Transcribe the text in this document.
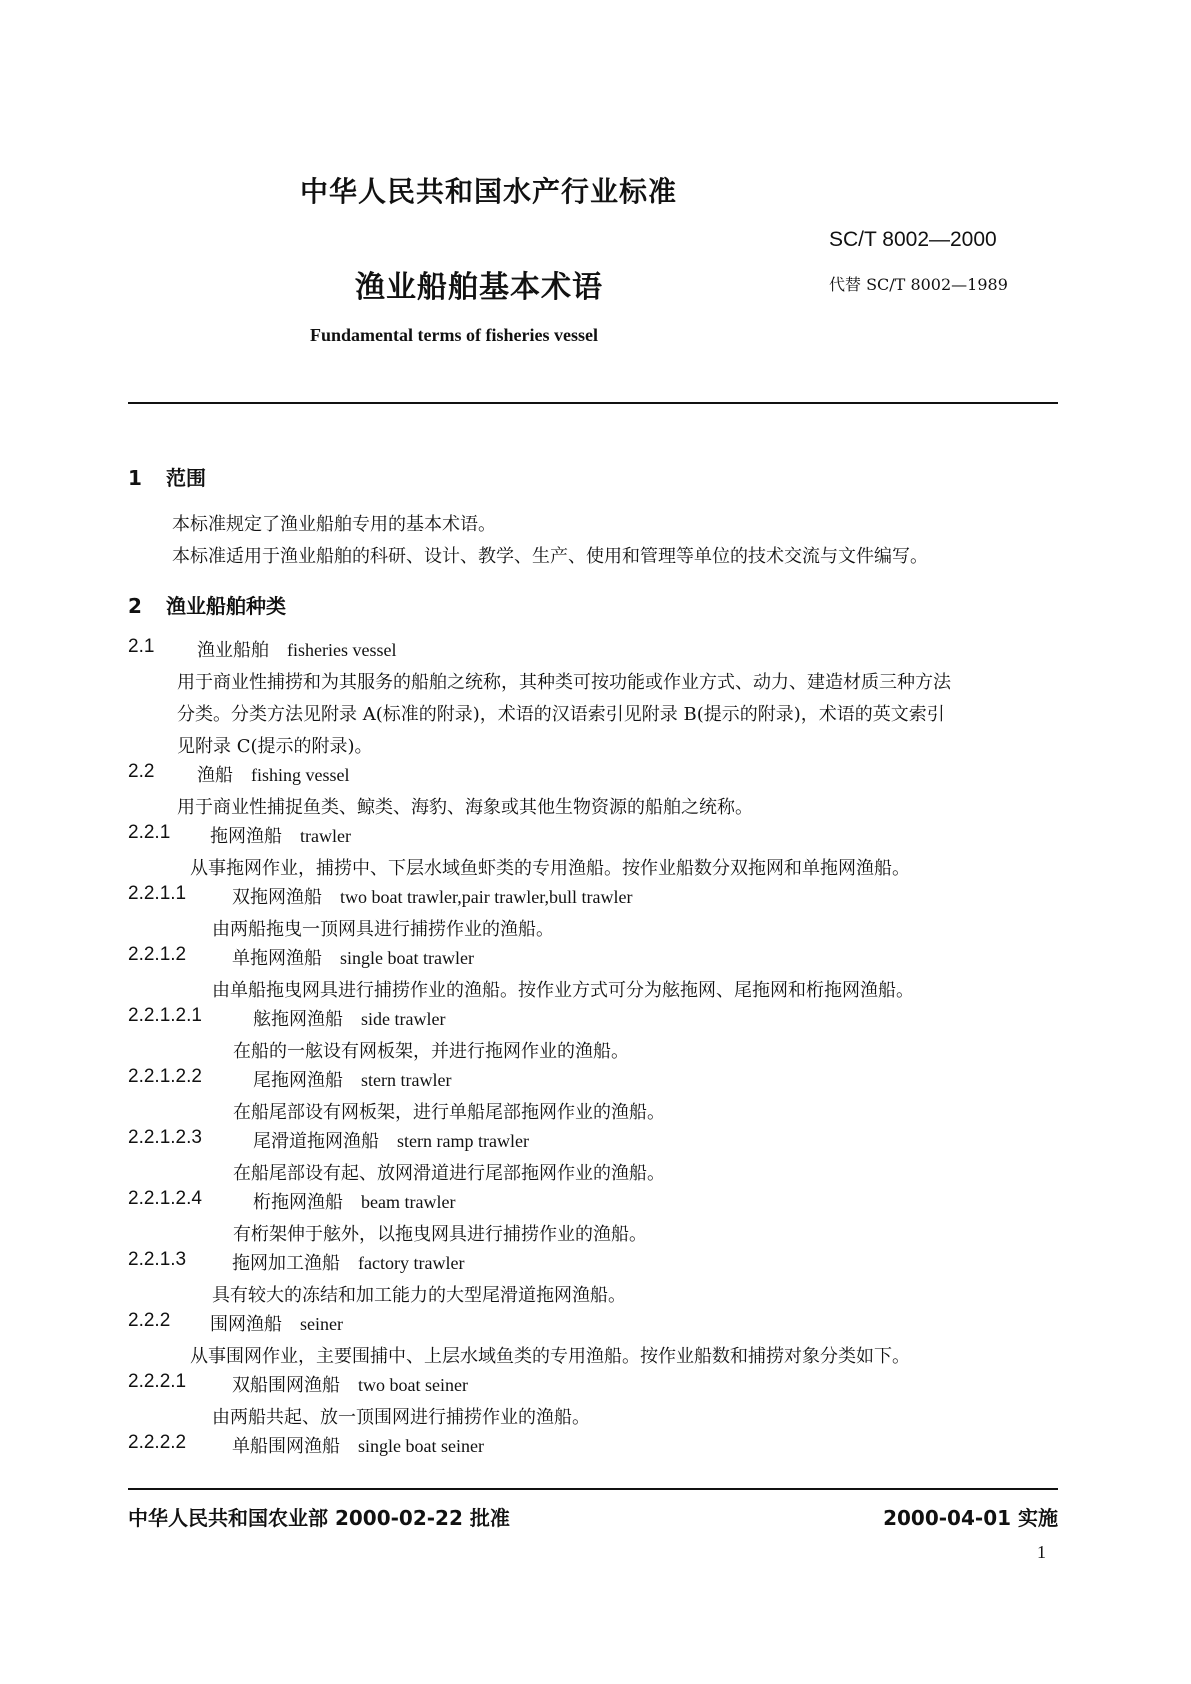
中华人民共和国水产行业标准
SC/T 8002—2000
渔业船舶基本术语	代替 SC/T 8002—1989
Fundamental terms of fisheries vessel
1 范围
本标准规定了渔业船舶专用的基本术语。
本标准适用于渔业船舶的科研、设计、教学、生产、使用和管理等单位的技术交流与文件编写。
2 渔业船舶种类
2.1 渔业船舶 fisheries vessel
用于商业性捕捞和为其服务的船舶之统称，其种类可按功能或作业方式、动力、建造材质三种方法
分类。分类方法见附录 A(标准的附录)，术语的汉语索引见附录 B(提示的附录)，术语的英文索引
见附录 C(提示的附录)。
2.2 渔船 fishing vessel
用于商业性捕捉鱼类、鲸类、海豹、海象或其他生物资源的船舶之统称。
2.2.1 拖网渔船 trawler
从事拖网作业，捕捞中、下层水域鱼虾类的专用渔船。按作业船数分双拖网和单拖网渔船。
2.2.1.1	双拖网渔船 two boat trawler,pair trawler,bull trawler
由两船拖曳一顶网具进行捕捞作业的渔船。
2.2.1.2	单拖网渔船 single boat trawler
由单船拖曳网具进行捕捞作业的渔船。按作业方式可分为舷拖网、尾拖网和桁拖网渔船。
2.2.1.2.1	舷拖网渔船 side trawler
在船的一舷设有网板架，并进行拖网作业的渔船。
2.2.1.2.2	尾拖网渔船 stern trawler
在船尾部设有网板架，进行单船尾部拖网作业的渔船。
2.2.1.2.3	尾滑道拖网渔船 stern ramp trawler
在船尾部设有起、放网滑道进行尾部拖网作业的渔船。
2.2.1.2.4	桁拖网渔船 beam trawler
有桁架伸于舷外，以拖曳网具进行捕捞作业的渔船。
2.2.1.3	拖网加工渔船 factory trawler
具有较大的冻结和加工能力的大型尾滑道拖网渔船。
2.2.2 围网渔船 seiner
从事围网作业，主要围捕中、上层水域鱼类的专用渔船。按作业船数和捕捞对象分类如下。
2.2.2.1	双船围网渔船 two boat seiner
由两船共起、放一顶围网进行捕捞作业的渔船。
2.2.2.2	单船围网渔船 single boat seiner
中华人民共和国农业部 2000-02-22 批准	2000-04-01 实施
1
